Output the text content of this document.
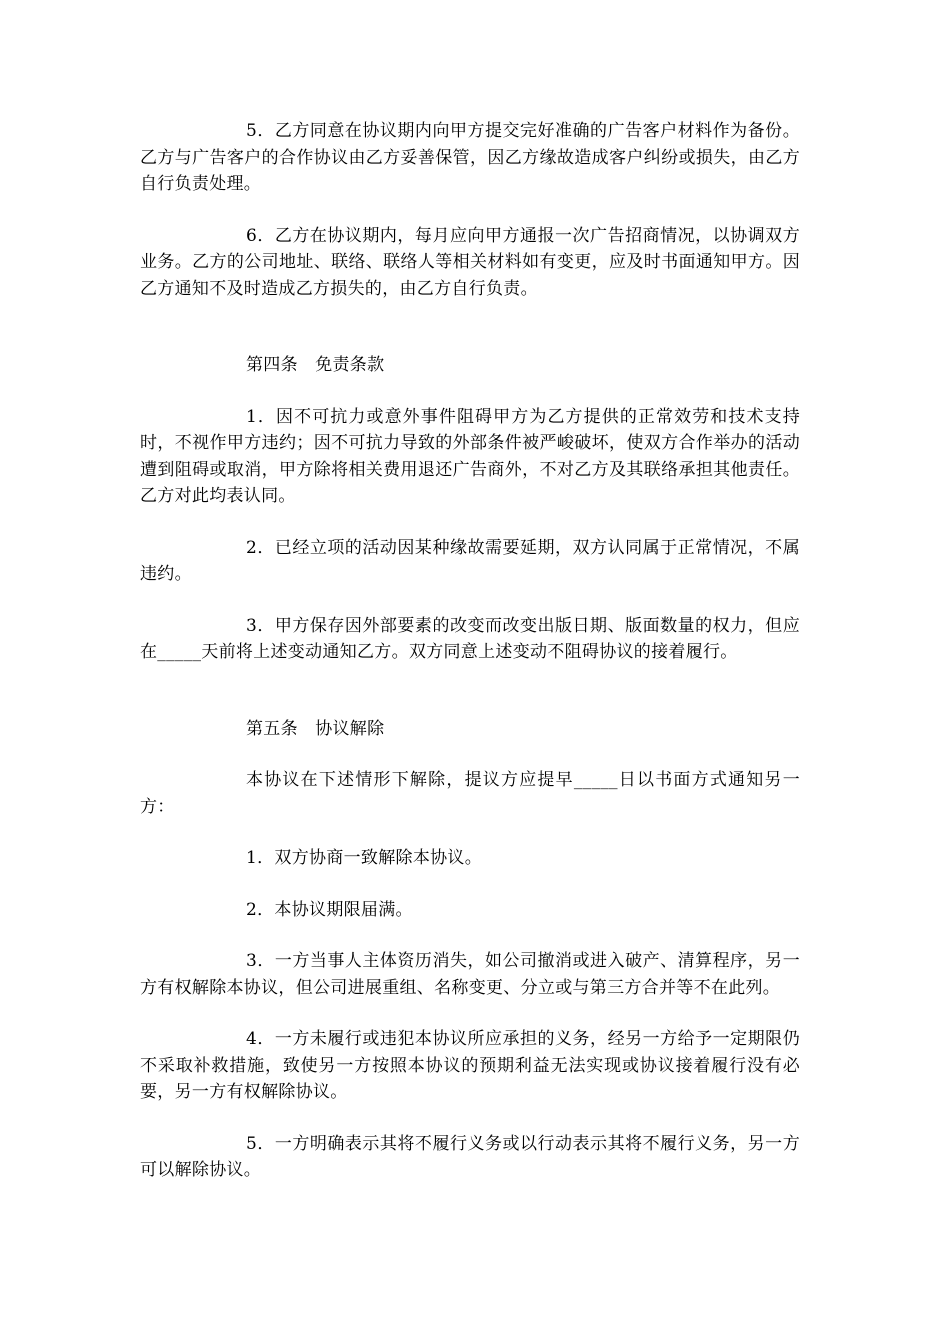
5．乙方同意在协议期内向甲方提交完好准确的广告客户材料作为备份。乙方与广告客户的合作协议由乙方妥善保管，因乙方缘故造成客户纠纷或损失，由乙方自行负责处理。

6．乙方在协议期内，每月应向甲方通报一次广告招商情况，以协调双方业务。乙方的公司地址、联络、联络人等相关材料如有变更，应及时书面通知甲方。因乙方通知不及时造成乙方损失的，由乙方自行负责。

第四条　免责条款

1．因不可抗力或意外事件阻碍甲方为乙方提供的正常效劳和技术支持时，不视作甲方违约；因不可抗力导致的外部条件被严峻破坏，使双方合作举办的活动遭到阻碍或取消，甲方除将相关费用退还广告商外，不对乙方及其联络承担其他责任。乙方对此均表认同。

2．已经立项的活动因某种缘故需要延期，双方认同属于正常情况，不属违约。

3．甲方保存因外部要素的改变而改变出版日期、版面数量的权力，但应在_____天前将上述变动通知乙方。双方同意上述变动不阻碍协议的接着履行。

第五条　协议解除

本协议在下述情形下解除，提议方应提早_____日以书面方式通知另一方：

1．双方协商一致解除本协议。

2．本协议期限届满。

3．一方当事人主体资历消失，如公司撤消或进入破产、清算程序，另一方有权解除本协议，但公司进展重组、名称变更、分立或与第三方合并等不在此列。

4．一方未履行或违犯本协议所应承担的义务，经另一方给予一定期限仍不采取补救措施，致使另一方按照本协议的预期利益无法实现或协议接着履行没有必要，另一方有权解除协议。

5．一方明确表示其将不履行义务或以行动表示其将不履行义务，另一方可以解除协议。
